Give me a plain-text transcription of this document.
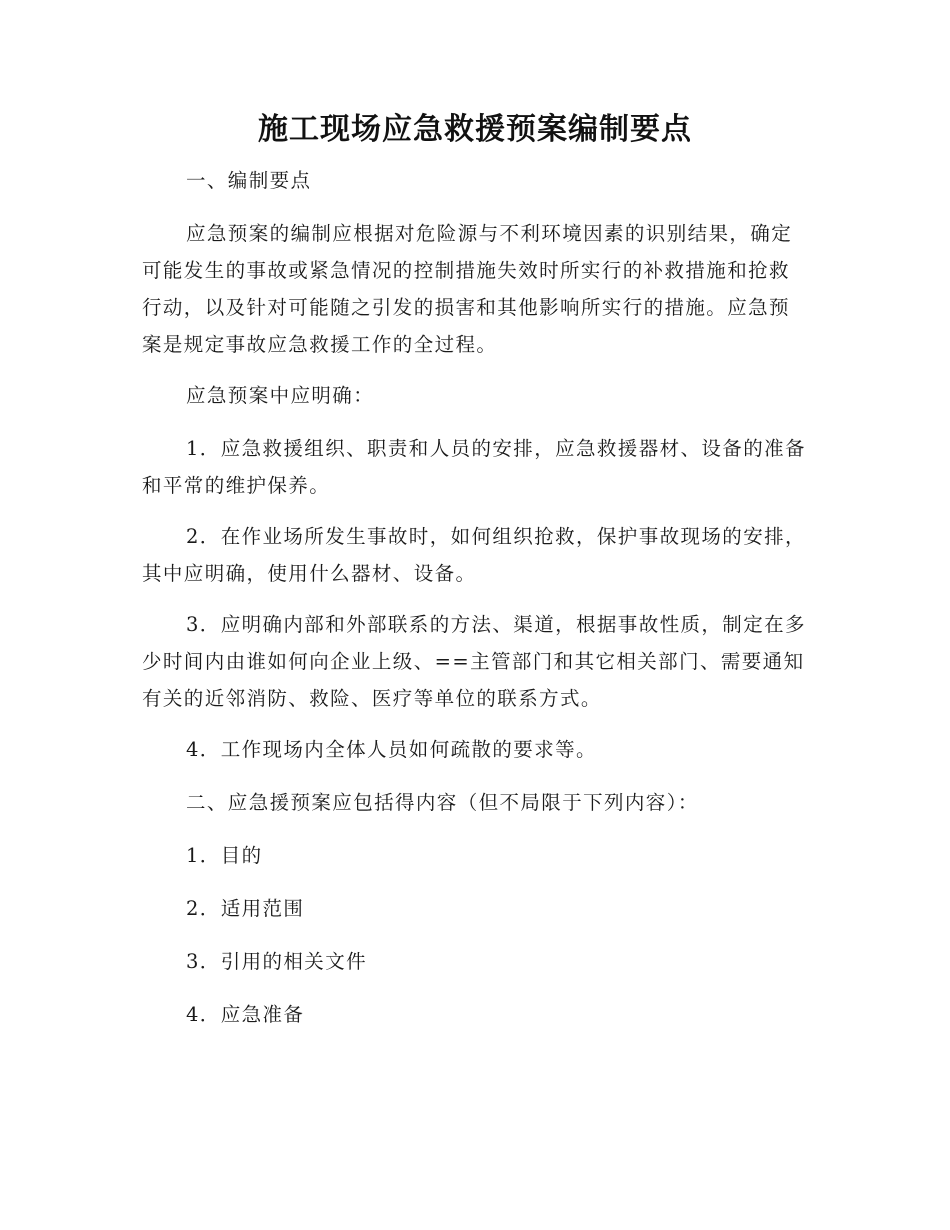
施工现场应急救援预案编制要点

一、编制要点

应急预案的编制应根据对危险源与不利环境因素的识别结果，确定可能发生的事故或紧急情况的控制措施失效时所实行的补救措施和抢救行动，以及针对可能随之引发的损害和其他影响所实行的措施。应急预案是规定事故应急救援工作的全过程。

应急预案中应明确：

1．应急救援组织、职责和人员的安排，应急救援器材、设备的准备和平常的维护保养。

2．在作业场所发生事故时，如何组织抢救，保护事故现场的安排，其中应明确，使用什么器材、设备。

3．应明确内部和外部联系的方法、渠道，根据事故性质，制定在多少时间内由谁如何向企业上级、==主管部门和其它相关部门、需要通知有关的近邻消防、救险、医疗等单位的联系方式。

4．工作现场内全体人员如何疏散的要求等。

二、应急援预案应包括得内容（但不局限于下列内容）：

1．目的

2．适用范围

3．引用的相关文件

4．应急准备
